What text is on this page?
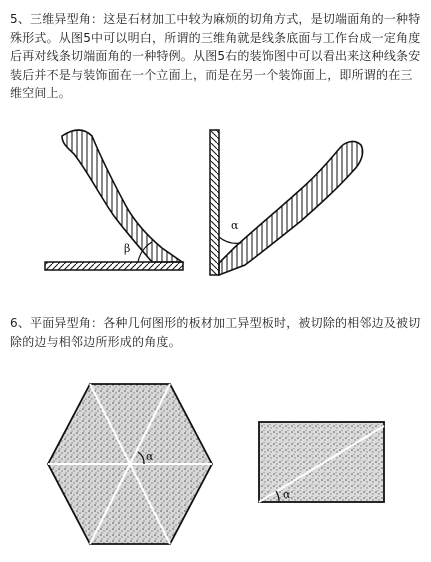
5、三维异型角：这是石材加工中较为麻烦的切角方式，是切端面角的一种特殊形式。从图5中可以明白，所谓的三维角就是线条底面与工作台成一定角度后再对线条切端面角的一种特例。从图5右的装饰图中可以看出来这种线条安装后并不是与装饰面在一个立面上，而是在另一个装饰面上，即所谓的在三维空间上。
β
α
6、平面异型角：各种几何图形的板材加工异型板时，被切除的相邻边及被切除的边与相邻边所形成的角度。
α
α
